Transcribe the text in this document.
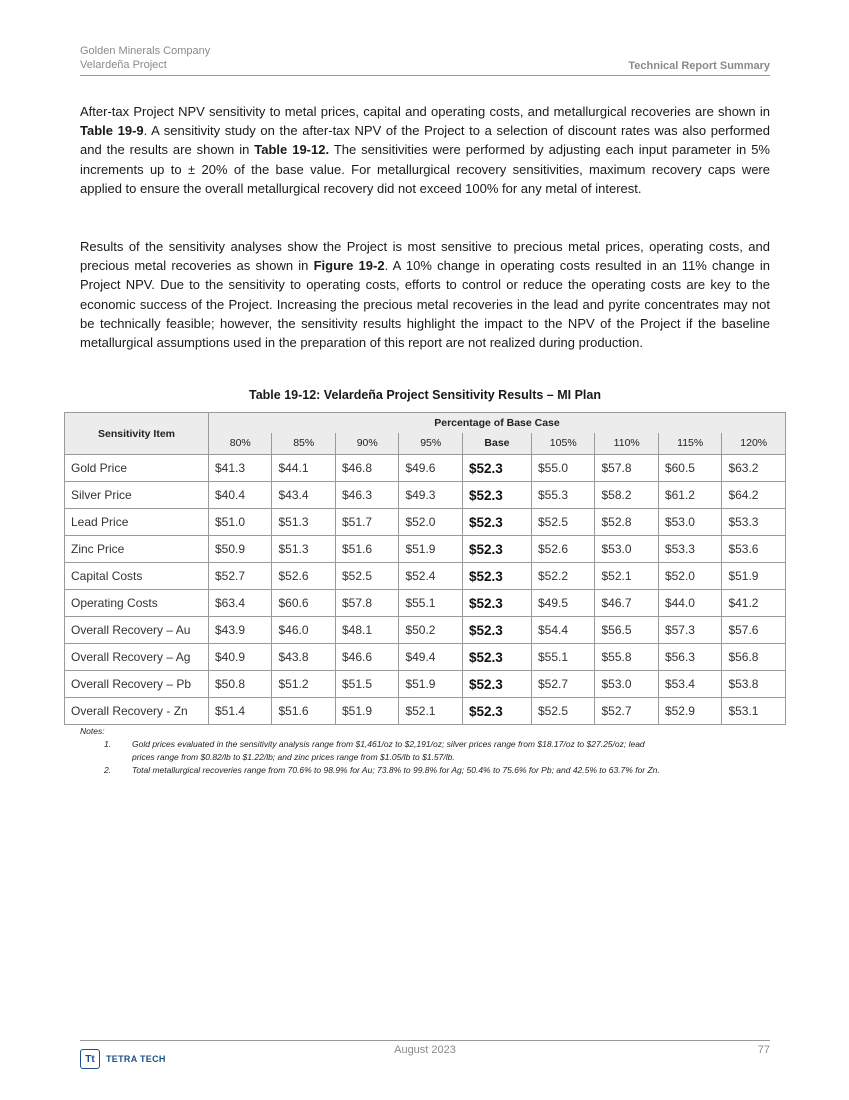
Golden Minerals Company
Velardeña Project	Technical Report Summary

After-tax Project NPV sensitivity to metal prices, capital and operating costs, and metallurgical recoveries are shown in Table 19-9. A sensitivity study on the after-tax NPV of the Project to a selection of discount rates was also performed and the results are shown in Table 19-12. The sensitivities were performed by adjusting each input parameter in 5% increments up to ± 20% of the base value. For metallurgical recovery sensitivities, maximum recovery caps were applied to ensure the overall metallurgical recovery did not exceed 100% for any metal of interest.

Results of the sensitivity analyses show the Project is most sensitive to precious metal prices, operating costs, and precious metal recoveries as shown in Figure 19-2. A 10% change in operating costs resulted in an 11% change in Project NPV. Due to the sensitivity to operating costs, efforts to control or reduce the operating costs are key to the economic success of the Project. Increasing the precious metal recoveries in the lead and pyrite concentrates may not be technically feasible; however, the sensitivity results highlight the impact to the NPV of the Project if the baseline metallurgical assumptions used in the preparation of this report are not realized during production.

Table 19-12: Velardeña Project Sensitivity Results – MI Plan
Sensitivity Item	Percentage of Base Case								
	80%	85%	90%	95%	Base	105%	110%	115%	120%
Gold Price	$41.3	$44.1	$46.8	$49.6	$52.3	$55.0	$57.8	$60.5	$63.2
Silver Price	$40.4	$43.4	$46.3	$49.3	$52.3	$55.3	$58.2	$61.2	$64.2
Lead Price	$51.0	$51.3	$51.7	$52.0	$52.3	$52.5	$52.8	$53.0	$53.3
Zinc Price	$50.9	$51.3	$51.6	$51.9	$52.3	$52.6	$53.0	$53.3	$53.6
Capital Costs	$52.7	$52.6	$52.5	$52.4	$52.3	$52.2	$52.1	$52.0	$51.9
Operating Costs	$63.4	$60.6	$57.8	$55.1	$52.3	$49.5	$46.7	$44.0	$41.2
Overall Recovery – Au	$43.9	$46.0	$48.1	$50.2	$52.3	$54.4	$56.5	$57.3	$57.6
Overall Recovery – Ag	$40.9	$43.8	$46.6	$49.4	$52.3	$55.1	$55.8	$56.3	$56.8
Overall Recovery – Pb	$50.8	$51.2	$51.5	$51.9	$52.3	$52.7	$53.0	$53.4	$53.8
Overall Recovery - Zn	$51.4	$51.6	$51.9	$52.1	$52.3	$52.5	$52.7	$52.9	$53.1
Notes:
1.	Gold prices evaluated in the sensitivity analysis range from $1,461/oz to $2,191/oz; silver prices range from $18.17/oz to $27.25/oz; lead
prices range from $0.82/lb to $1.22/lb; and zinc prices range from $1.05/lb to $1.57/lb.
2.	Total metallurgical recoveries range from 70.6% to 98.9% for Au; 73.8% to 99.8% for Ag; 50.4% to 75.6% for Pb; and 42.5% to 63.7% for Zn.
Tt	TETRA TECH
August 2023	77
